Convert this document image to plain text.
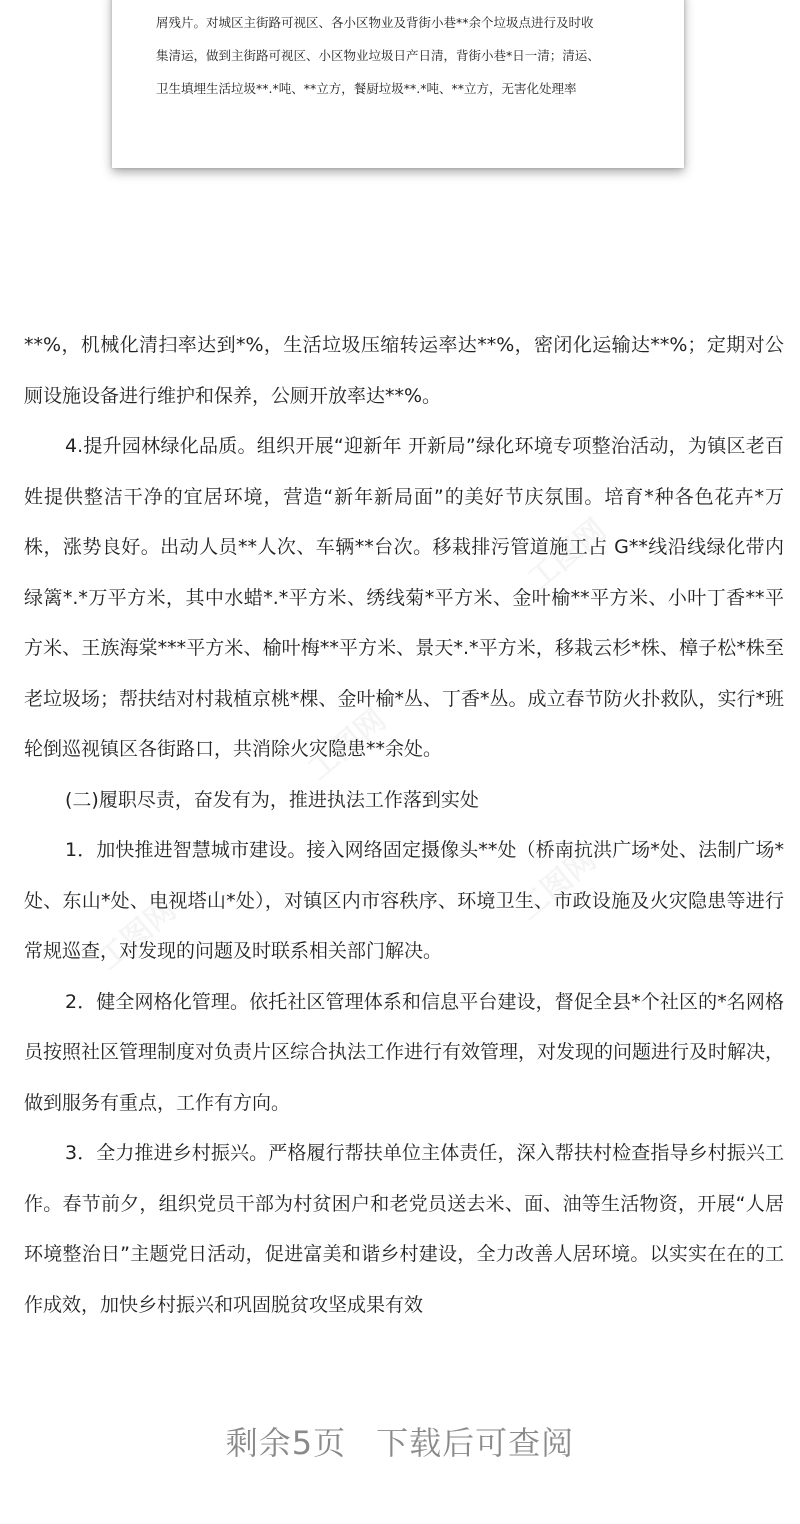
屑残片。对城区主街路可视区、各小区物业及背街小巷**余个垃圾点进行及时收
集清运，做到主街路可视区、小区物业垃圾日产日清，背街小巷*日一清；清运、
卫生填埋生活垃圾**.*吨、**立方，餐厨垃圾**.*吨、**立方，无害化处理率

**%，机械化清扫率达到*%，生活垃圾压缩转运率达**%，密闭化运输达**%；定期对公厕设施设备进行维护和保养，公厕开放率达**%。

4.提升园林绿化品质。组织开展“迎新年 开新局”绿化环境专项整治活动，为镇区老百姓提供整洁干净的宜居环境，营造“新年新局面”的美好节庆氛围。培育*种各色花卉*万株，涨势良好。出动人员**人次、车辆**台次。移栽排污管道施工占 G**线沿线绿化带内绿篱*.*万平方米，其中水蜡*.*平方米、绣线菊*平方米、金叶榆**平方米、小叶丁香**平方米、王族海棠***平方米、榆叶梅**平方米、景天*.*平方米，移栽云杉*株、樟子松*株至老垃圾场；帮扶结对村栽植京桃*棵、金叶榆*丛、丁香*丛。成立春节防火扑救队，实行*班轮倒巡视镇区各街路口，共消除火灾隐患**余处。

(二)履职尽责，奋发有为，推进执法工作落到实处

1．加快推进智慧城市建设。接入网络固定摄像头**处（桥南抗洪广场*处、法制广场*处、东山*处、电视塔山*处），对镇区内市容秩序、环境卫生、市政设施及火灾隐患等进行常规巡查，对发现的问题及时联系相关部门解决。

2．健全网格化管理。依托社区管理体系和信息平台建设，督促全县*个社区的*名网格员按照社区管理制度对负责片区综合执法工作进行有效管理，对发现的问题进行及时解决，做到服务有重点，工作有方向。

3．全力推进乡村振兴。严格履行帮扶单位主体责任，深入帮扶村检查指导乡村振兴工作。春节前夕，组织党员干部为村贫困户和老党员送去米、面、油等生活物资，开展“人居环境整治日”主题党日活动，促进富美和谐乡村建设，全力改善人居环境。以实实在在的工作成效，加快乡村振兴和巩固脱贫攻坚成果有效

剩余5页 下载后可查阅
